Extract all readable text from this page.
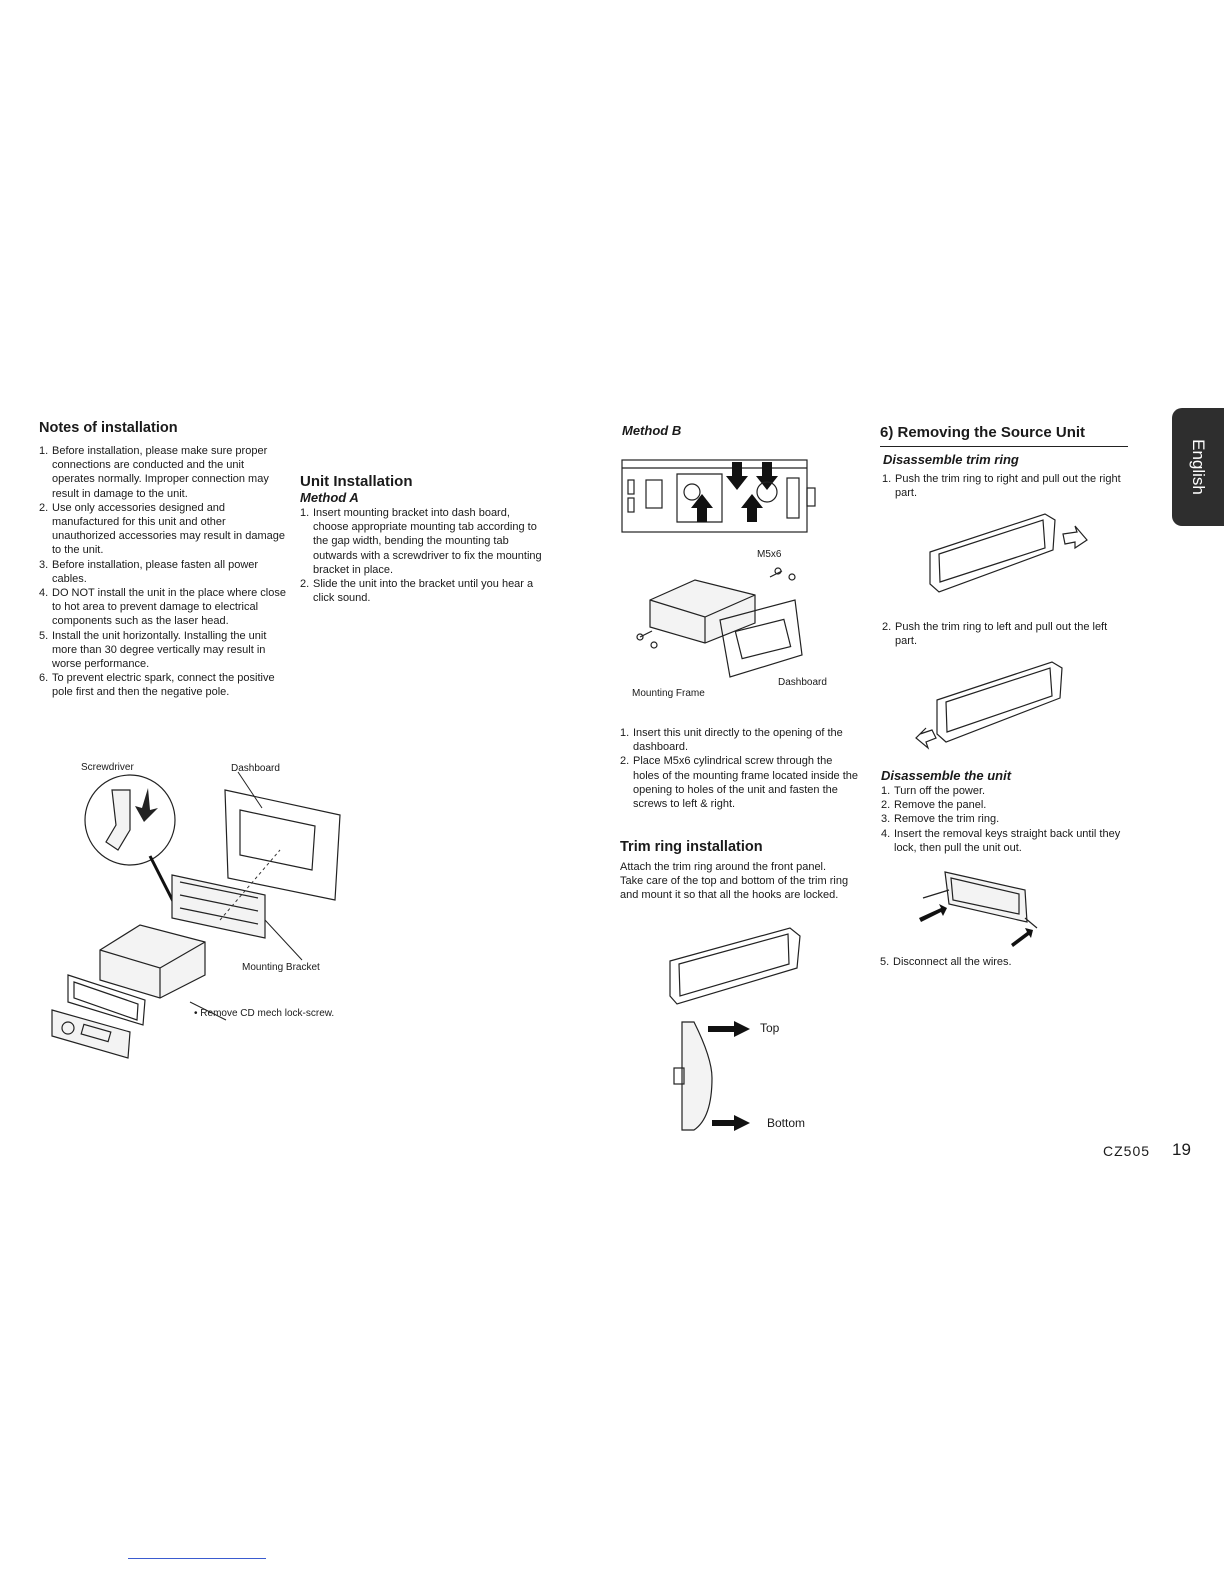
Notes of installation
1. Before installation, please make sure proper connections are conducted and the unit operates normally. Improper connection may result in damage to the unit.
2. Use only accessories designed and manufactured for this unit and other unauthorized accessories may result in damage to the unit.
3. Before installation, please fasten all power cables.
4. DO NOT install the unit in the place where close to hot area to prevent damage to electrical components such as the laser head.
5. Install the unit horizontally. Installing the unit more than 30 degree vertically may result in worse performance.
6. To prevent electric spark, connect the positive pole first and then the negative pole.
Unit Installation
Method A
1. Insert mounting bracket into dash board, choose appropriate mounting tab according to the gap width, bending the mounting tab outwards with a screwdriver to fix the mounting bracket in place.
2. Slide the unit into the bracket until you hear a click sound.
Screwdriver	Dashboard
Mounting Bracket
• Remove CD mech lock-screw.
Method B
M5x6
Dashboard
Mounting Frame
1. Insert this unit directly to the opening of the dashboard.
2. Place M5x6 cylindrical screw through the holes of the mounting frame located inside the opening to holes of the unit and fasten the screws to left & right.
Trim ring installation

Attach the trim ring around the front panel. Take care of the top and bottom of the trim ring and mount it so that all the hooks are locked.

Top
Bottom
6) Removing the Source Unit
Disassemble trim ring
1. Push the trim ring to right and pull out the right part.
2. Push the trim ring to left and pull out the left part.
Disassemble the unit
1. Turn off the power.
2. Remove the panel.
3. Remove the trim ring.
4. Insert the removal keys straight back until they lock, then pull the unit out.
5. Disconnect all the wires.
English
CZ505 19
